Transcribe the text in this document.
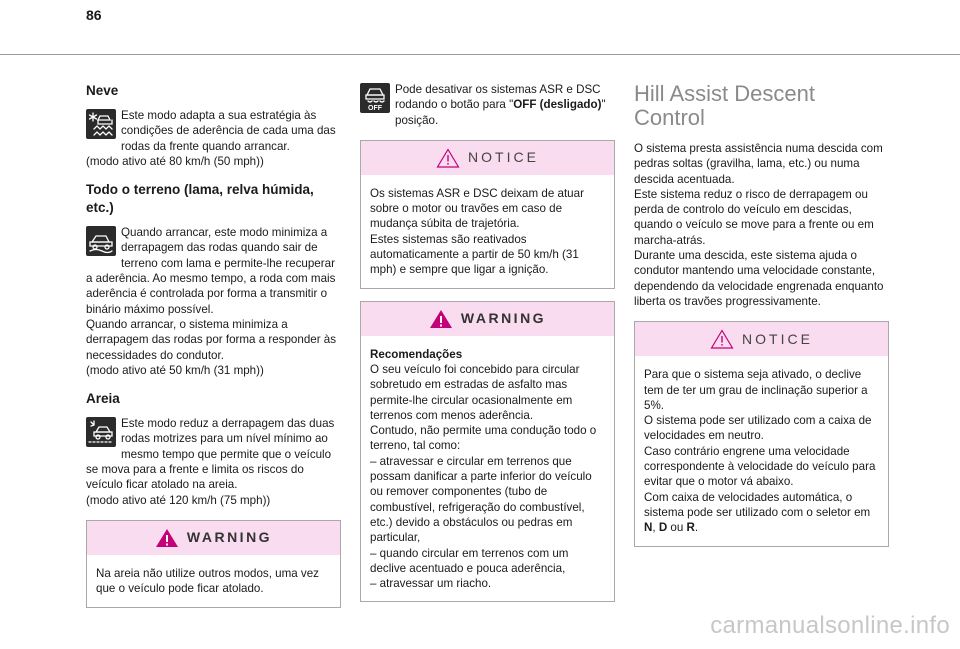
86
Neve

Este modo adapta a sua estratégia às condições de aderência de cada uma das rodas da frente quando arrancar.

(modo ativo até 80 km/h (50 mph))

Todo o terreno (lama, relva húmida, etc.)

Quando arrancar, este modo minimiza a derrapagem das rodas quando sair de terreno com lama e permite-lhe recuperar a aderência. Ao mesmo tempo, a roda com mais aderência é controlada por forma a transmitir o binário máximo possível.

Quando arrancar, o sistema minimiza a derrapagem das rodas por forma a responder às necessidades do condutor.

(modo ativo até 50 km/h (31 mph))

Areia

Este modo reduz a derrapagem das duas rodas motrizes para um nível mínimo ao mesmo tempo que permite que o veículo se mova para a frente e limita os riscos do veículo ficar atolado na areia.

(modo ativo até 120 km/h (75 mph))

WARNING

Na areia não utilize outros modos, uma vez que o veículo pode ficar atolado.

OFF

Pode desativar os sistemas ASR e DSC rodando o botão para "OFF (desligado)" posição.

NOTICE

Os sistemas ASR e DSC deixam de atuar sobre o motor ou travões em caso de mudança súbita de trajetória.

Estes sistemas são reativados automaticamente a partir de 50 km/h (31 mph) e sempre que ligar a ignição.

WARNING

Recomendações

O seu veículo foi concebido para circular sobretudo em estradas de asfalto mas permite-lhe circular ocasionalmente em terrenos com menos aderência.

Contudo, não permite uma condução todo o terreno, tal como:

– atravessar e circular em terrenos que possam danificar a parte inferior do veículo ou remover componentes (tubo de combustível, refrigeração do combustível, etc.) devido a obstáculos ou pedras em particular,

– quando circular em terrenos com um declive acentuado e pouca aderência,

– atravessar um riacho.

Hill Assist Descent Control

O sistema presta assistência numa descida com pedras soltas (gravilha, lama, etc.) ou numa descida acentuada.

Este sistema reduz o risco de derrapagem ou perda de controlo do veículo em descidas, quando o veículo se move para a frente ou em marcha-atrás.

Durante uma descida, este sistema ajuda o condutor mantendo uma velocidade constante, dependendo da velocidade engrenada enquanto liberta os travões progressivamente.

NOTICE

Para que o sistema seja ativado, o declive tem de ter um grau de inclinação superior a 5%.

O sistema pode ser utilizado com a caixa de velocidades em neutro.

Caso contrário engrene uma velocidade correspondente à velocidade do veículo para evitar que o motor vá abaixo.

Com caixa de velocidades automática, o sistema pode ser utilizado com o seletor em N, D ou R.

carmanualsonline.info
